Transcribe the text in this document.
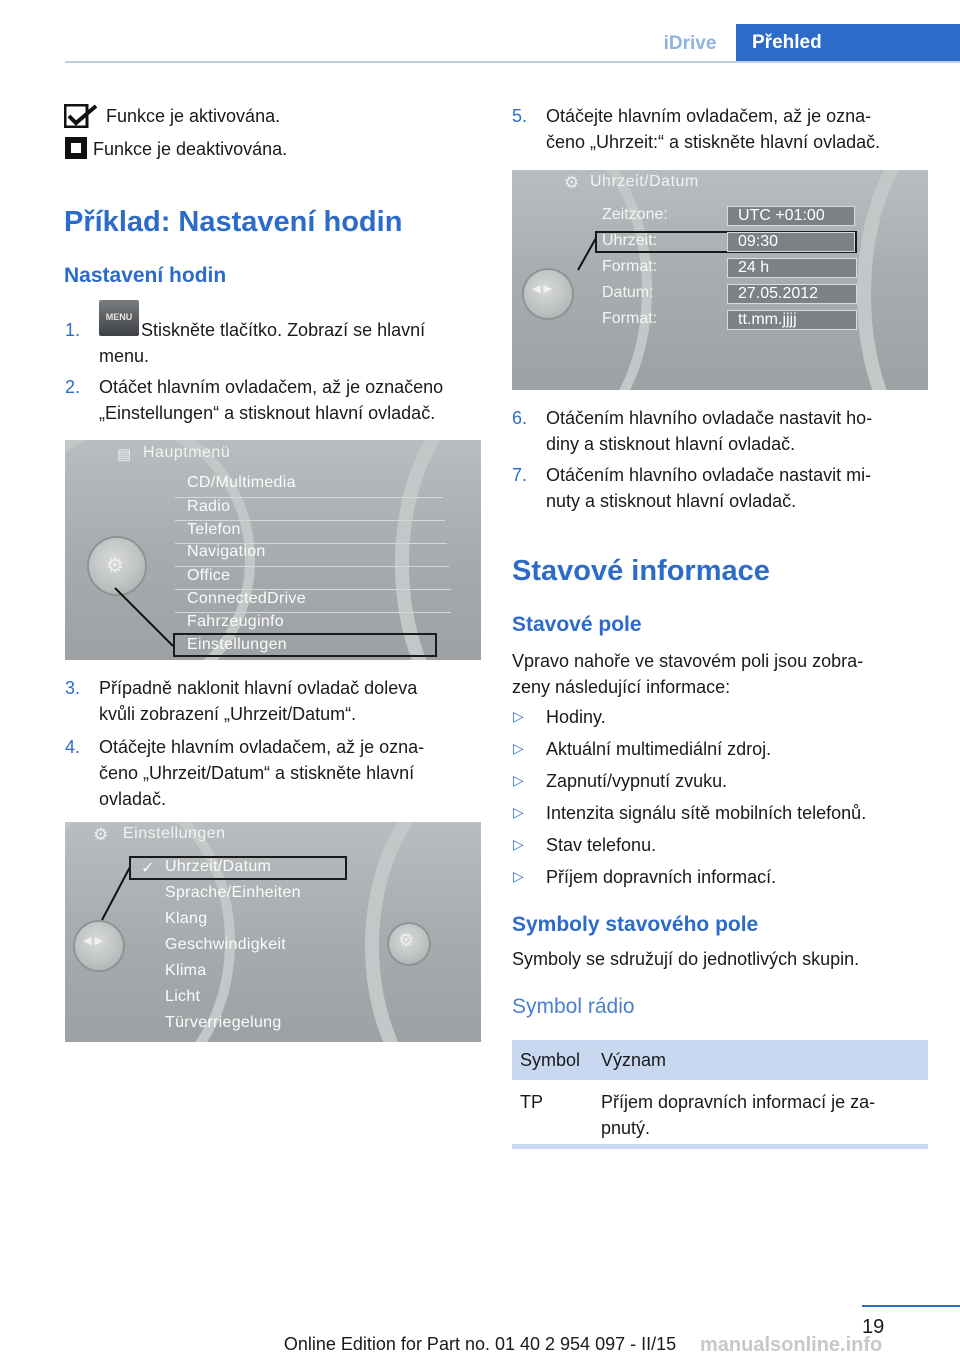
iDrive	Přehled
Funkce je aktivována.
Funkce je deaktivována.
Příklad: Nastavení hodin
Nastavení hodin
1.
MENU
Stiskněte tlačítko. Zobrazí se hlavní
menu.
2. Otáčet hlavním ovladačem, až je označeno
„Einstellungen“ a stisknout hlavní ovladač.
⚙
▤ Hauptmenü
CD/Multimedia
Radio
Telefon
Navigation
Office
ConnectedDrive
Fahrzeuginfo
Einstellungen
3. Případně naklonit hlavní ovladač doleva
kvůli zobrazení „Uhrzeit/Datum“.
4. Otáčejte hlavním ovladačem, až je ozna‐
čeno „Uhrzeit/Datum“ a stiskněte hlavní
ovladač.
◀ ▶	⚙
⚙ Einstellungen
✓ Uhrzeit/Datum
Sprache/Einheiten
Klang
Geschwindigkeit
Klima
Licht
Türverriegelung
5. Otáčejte hlavním ovladačem, až je ozna‐
čeno „Uhrzeit:“ a stiskněte hlavní ovladač.
◀ ▶
⚙ Uhrzeit/Datum
Zeitzone:	UTC +01:00
Uhrzeit:	09:30
Format:	24 h
Datum:	27.05.2012
Format:	tt.mm.jjjj
6. Otáčením hlavního ovladače nastavit ho‐
diny a stisknout hlavní ovladač.
7. Otáčením hlavního ovladače nastavit mi‐
nuty a stisknout hlavní ovladač.
Stavové informace
Stavové pole
Vpravo nahoře ve stavovém poli jsou zobra‐
zeny následující informace:
▷ Hodiny.
▷ Aktuální multimediální zdroj.
▷ Zapnutí/vypnutí zvuku.
▷ Intenzita signálu sítě mobilních telefonů.
▷ Stav telefonu.
▷ Příjem dopravních informací.
Symboly stavového pole
Symboly se sdružují do jednotlivých skupin.
Symbol rádio
Symbol Význam
TP	Příjem dopravních informací je za‐
pnutý.
19
manualsonline.info
Online Edition for Part no. 01 40 2 954 097 - II/15
